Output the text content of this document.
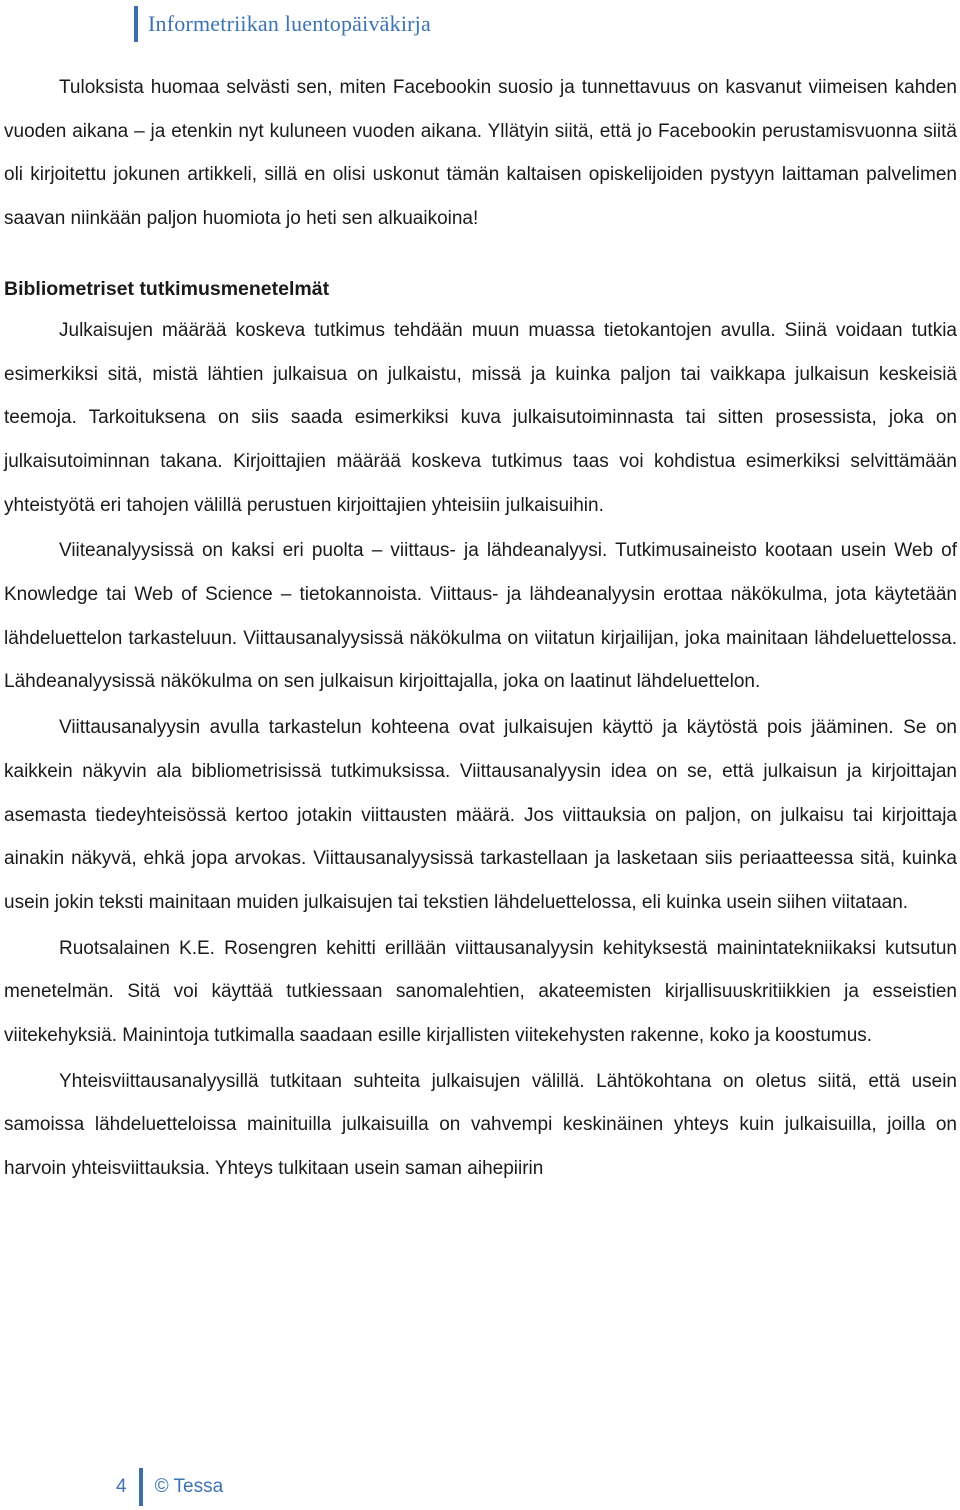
Informetriikan luentopäiväkirja

Tuloksista huomaa selvästi sen, miten Facebookin suosio ja tunnettavuus on kasvanut viimeisen kahden vuoden aikana – ja etenkin nyt kuluneen vuoden aikana. Yllätyin siitä, että jo Facebookin perustamisvuonna siitä oli kirjoitettu jokunen artikkeli, sillä en olisi uskonut tämän kaltaisen opiskelijoiden pystyyn laittaman palvelimen saavan niinkään paljon huomiota jo heti sen alkuaikoina!

Bibliometriset tutkimusmenetelmät

Julkaisujen määrää koskeva tutkimus tehdään muun muassa tietokantojen avulla. Siinä voidaan tutkia esimerkiksi sitä, mistä lähtien julkaisua on julkaistu, missä ja kuinka paljon tai vaikkapa julkaisun keskeisiä teemoja. Tarkoituksena on siis saada esimerkiksi kuva julkaisutoiminnasta tai sitten prosessista, joka on julkaisutoiminnan takana. Kirjoittajien määrää koskeva tutkimus taas voi kohdistua esimerkiksi selvittämään yhteistyötä eri tahojen välillä perustuen kirjoittajien yhteisiin julkaisuihin.

Viiteanalyysissä on kaksi eri puolta – viittaus- ja lähdeanalyysi. Tutkimusaineisto kootaan usein Web of Knowledge tai Web of Science – tietokannoista. Viittaus- ja lähdeanalyysin erottaa näkökulma, jota käytetään lähdeluettelon tarkasteluun. Viittausanalyysissä näkökulma on viitatun kirjailijan, joka mainitaan lähdeluettelossa. Lähdeanalyysissä näkökulma on sen julkaisun kirjoittajalla, joka on laatinut lähdeluettelon.

Viittausanalyysin avulla tarkastelun kohteena ovat julkaisujen käyttö ja käytöstä pois jääminen. Se on kaikkein näkyvin ala bibliometrisissä tutkimuksissa. Viittausanalyysin idea on se, että julkaisun ja kirjoittajan asemasta tiedeyhteisössä kertoo jotakin viittausten määrä. Jos viittauksia on paljon, on julkaisu tai kirjoittaja ainakin näkyvä, ehkä jopa arvokas. Viittausanalyysissä tarkastellaan ja lasketaan siis periaatteessa sitä, kuinka usein jokin teksti mainitaan muiden julkaisujen tai tekstien lähdeluettelossa, eli kuinka usein siihen viitataan.

Ruotsalainen K.E. Rosengren kehitti erillään viittausanalyysin kehityksestä mainintatekniikaksi kutsutun menetelmän. Sitä voi käyttää tutkiessaan sanomalehtien, akateemisten kirjallisuuskritiikkien ja esseistien viitekehyksiä. Mainintoja tutkimalla saadaan esille kirjallisten viitekehysten rakenne, koko ja koostumus.

Yhteisviittausanalyysillä tutkitaan suhteita julkaisujen välillä. Lähtökohtana on oletus siitä, että usein samoissa lähdeluetteloissa mainituilla julkaisuilla on vahvempi keskinäinen yhteys kuin julkaisuilla, joilla on harvoin yhteisviittauksia. Yhteys tulkitaan usein saman aihepiirin

4 © Tessa
